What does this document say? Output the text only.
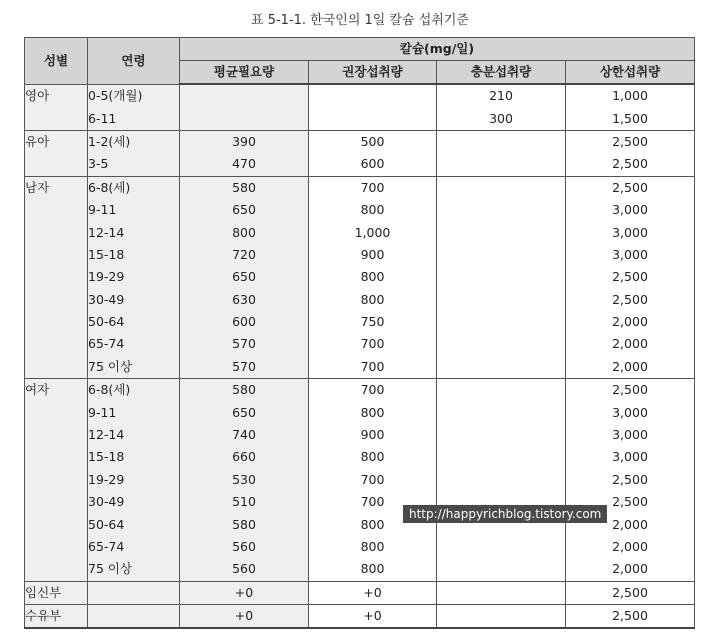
표 5-1-1. 한국인의 1일 칼슘 섭취기준
성별	연령	칼슘(mg/일)			
		평균필요량	권장섭취량	충분섭취량	상한섭취량
영아	0-5(개월)			210	1,000
	6-11			300	1,500
유아	1-2(세)	390	500		2,500
	3-5	470	600		2,500
남자	6-8(세)	580	700		2,500
	9-11	650	800		3,000
	12-14	800	1,000		3,000
	15-18	720	900		3,000
	19-29	650	800		2,500
	30-49	630	800		2,500
	50-64	600	750		2,000
	65-74	570	700		2,000
	75 이상	570	700		2,000
여자	6-8(세)	580	700		2,500
	9-11	650	800		3,000
	12-14	740	900		3,000
	15-18	660	800		3,000
	19-29	530	700		2,500
	30-49	510	700		2,500
	50-64	580	800		2,000
	65-74	560	800		2,000
	75 이상	560	800		2,000
임신부		+0	+0		2,500
수유부		+0	+0		2,500
http://happyrichblog.tistory.com
